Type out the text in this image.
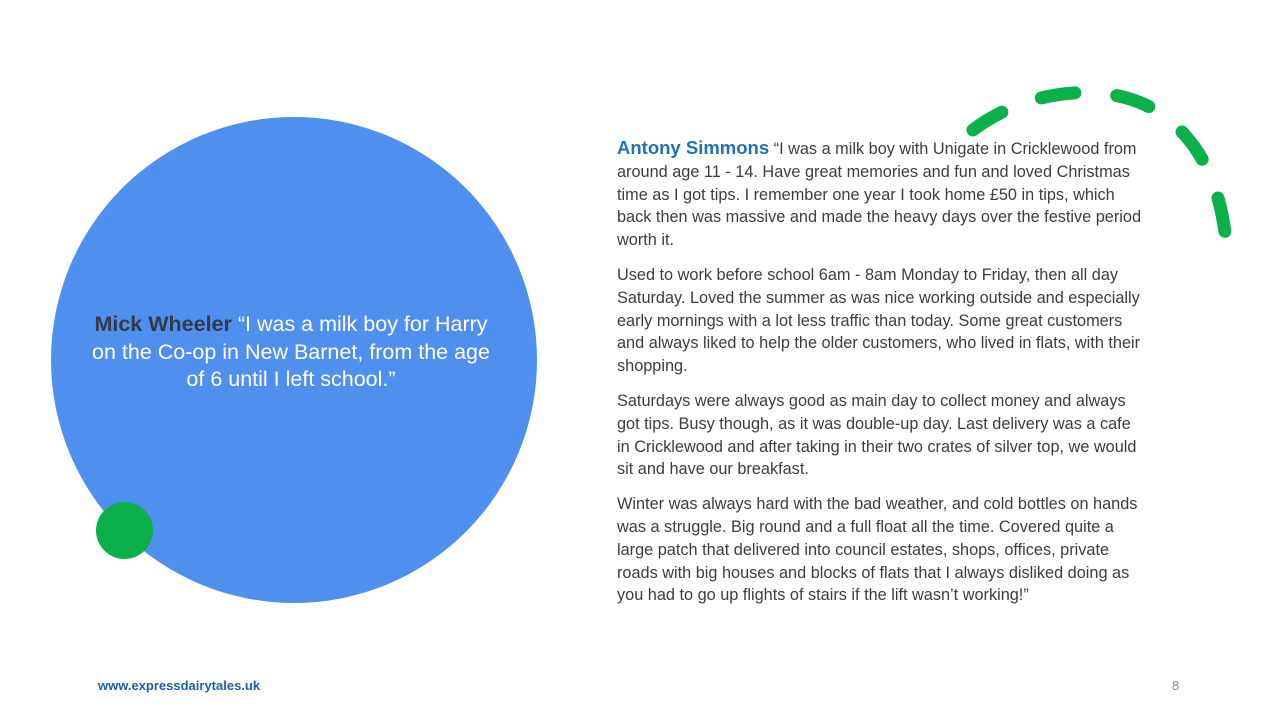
Mick Wheeler “I was a milk boy for Harry on the Co-op in New Barnet, from the age of 6 until I left school.”

Antony Simmons “I was a milk boy with Unigate in Cricklewood from around age 11 - 14. Have great memories and fun and loved Christmas time as I got tips. I remember one year I took home £50 in tips, which back then was massive and made the heavy days over the festive period worth it.

Used to work before school 6am - 8am Monday to Friday, then all day Saturday. Loved the summer as was nice working outside and especially early mornings with a lot less traffic than today. Some great customers and always liked to help the older customers, who lived in flats, with their shopping.

Saturdays were always good as main day to collect money and always got tips. Busy though, as it was double-up day. Last delivery was a cafe in Cricklewood and after taking in their two crates of silver top, we would sit and have our breakfast.

Winter was always hard with the bad weather, and cold bottles on hands was a struggle. Big round and a full float all the time. Covered quite a large patch that delivered into council estates, shops, offices, private roads with big houses and blocks of flats that I always disliked doing as you had to go up flights of stairs if the lift wasn’t working!”

www.expressdairytales.uk	8
